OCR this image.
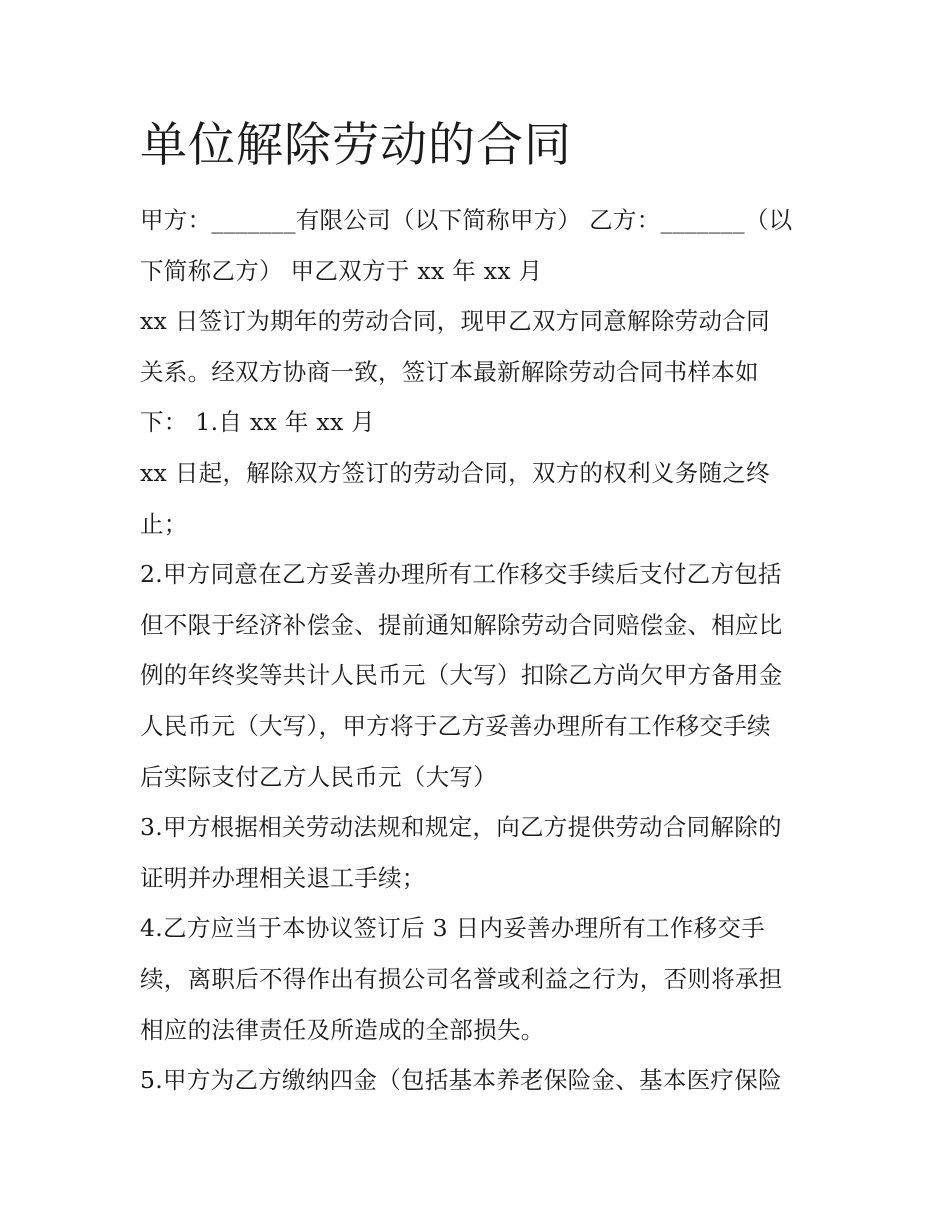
单位解除劳动的合同
甲方：_______有限公司（以下简称甲方） 乙方：_______（以
下简称乙方） 甲乙双方于 xx 年 xx 月
xx 日签订为期年的劳动合同，现甲乙双方同意解除劳动合同
关系。经双方协商一致，签订本最新解除劳动合同书样本如
下： 1.自 xx 年 xx 月
xx 日起，解除双方签订的劳动合同，双方的权利义务随之终
止；
2.甲方同意在乙方妥善办理所有工作移交手续后支付乙方包括
但不限于经济补偿金、提前通知解除劳动合同赔偿金、相应比
例的年终奖等共计人民币元（大写）扣除乙方尚欠甲方备用金
人民币元（大写），甲方将于乙方妥善办理所有工作移交手续
后实际支付乙方人民币元（大写）
3.甲方根据相关劳动法规和规定，向乙方提供劳动合同解除的
证明并办理相关退工手续；
4.乙方应当于本协议签订后 3 日内妥善办理所有工作移交手
续，离职后不得作出有损公司名誉或利益之行为，否则将承担
相应的法律责任及所造成的全部损失。
5.甲方为乙方缴纳四金（包括基本养老保险金、基本医疗保险
